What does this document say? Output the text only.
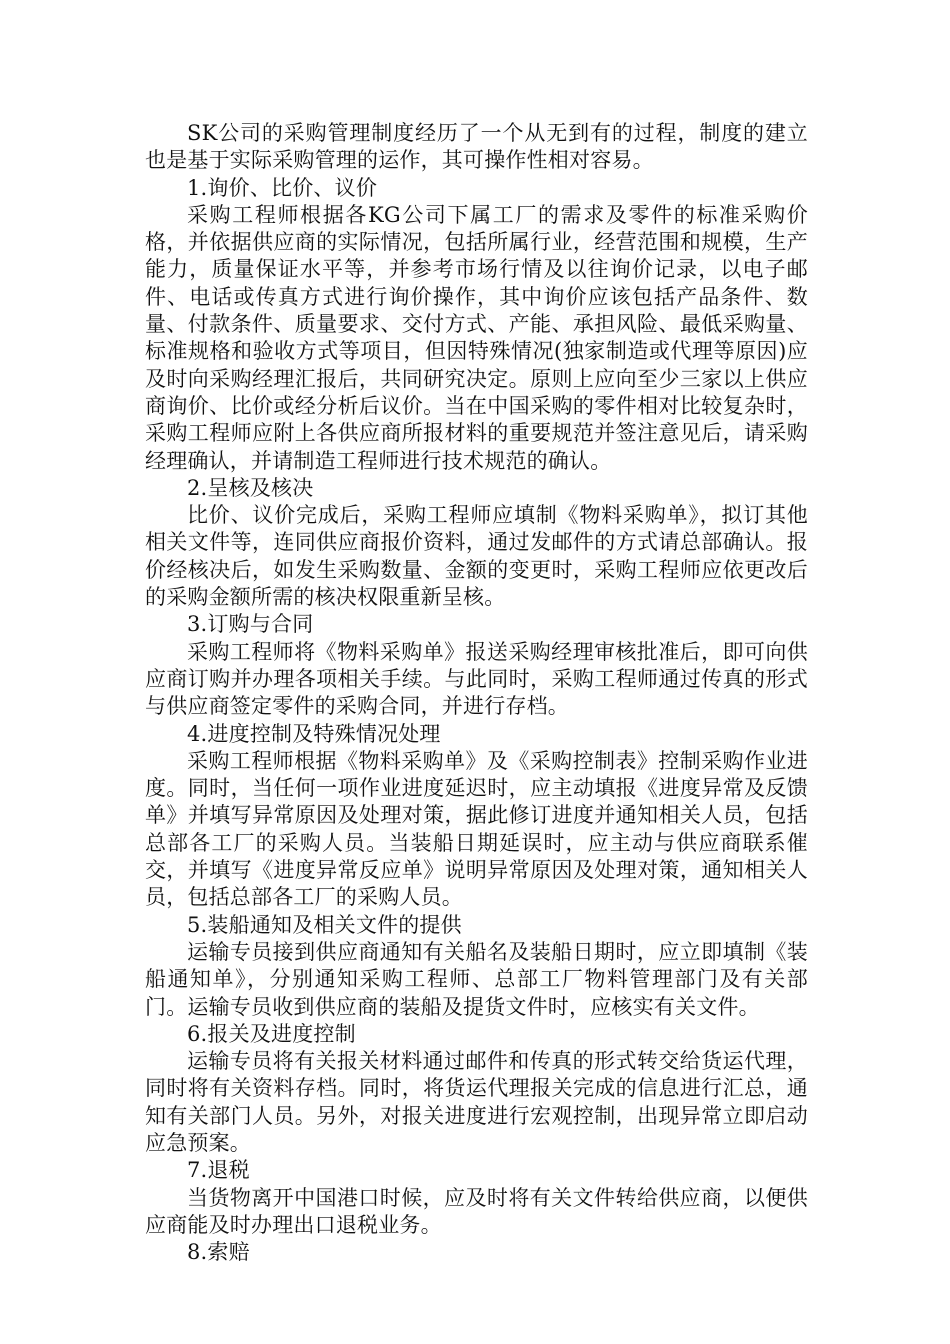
SK公司的采购管理制度经历了一个从无到有的过程，制度的建立也是基于实际采购管理的运作，其可操作性相对容易。

1.询价、比价、议价

采购工程师根据各KG公司下属工厂的需求及零件的标准采购价格，并依据供应商的实际情况，包括所属行业，经营范围和规模，生产能力，质量保证水平等，并参考市场行情及以往询价记录，以电子邮件、电话或传真方式进行询价操作，其中询价应该包括产品条件、数量、付款条件、质量要求、交付方式、产能、承担风险、最低采购量、标准规格和验收方式等项目，但因特殊情况(独家制造或代理等原因)应及时向采购经理汇报后，共同研究决定。原则上应向至少三家以上供应商询价、比价或经分析后议价。当在中国采购的零件相对比较复杂时，采购工程师应附上各供应商所报材料的重要规范并签注意见后，请采购经理确认，并请制造工程师进行技术规范的确认。

2.呈核及核决

比价、议价完成后，采购工程师应填制《物料采购单》，拟订其他相关文件等，连同供应商报价资料，通过发邮件的方式请总部确认。报价经核决后，如发生采购数量、金额的变更时，采购工程师应依更改后的采购金额所需的核决权限重新呈核。

3.订购与合同

采购工程师将《物料采购单》报送采购经理审核批准后，即可向供应商订购并办理各项相关手续。与此同时，采购工程师通过传真的形式与供应商签定零件的采购合同，并进行存档。

4.进度控制及特殊情况处理

采购工程师根据《物料采购单》及《采购控制表》控制采购作业进度。同时，当任何一项作业进度延迟时，应主动填报《进度异常及反馈单》并填写异常原因及处理对策，据此修订进度并通知相关人员，包括总部各工厂的采购人员。当装船日期延误时，应主动与供应商联系催交，并填写《进度异常反应单》说明异常原因及处理对策，通知相关人员，包括总部各工厂的采购人员。

5.装船通知及相关文件的提供

运输专员接到供应商通知有关船名及装船日期时，应立即填制《装船通知单》，分别通知采购工程师、总部工厂物料管理部门及有关部门。运输专员收到供应商的装船及提货文件时，应核实有关文件。

6.报关及进度控制

运输专员将有关报关材料通过邮件和传真的形式转交给货运代理，同时将有关资料存档。同时，将货运代理报关完成的信息进行汇总，通知有关部门人员。另外，对报关进度进行宏观控制，出现异常立即启动应急预案。

7.退税

当货物离开中国港口时候，应及时将有关文件转给供应商，以便供应商能及时办理出口退税业务。

8.索赔
